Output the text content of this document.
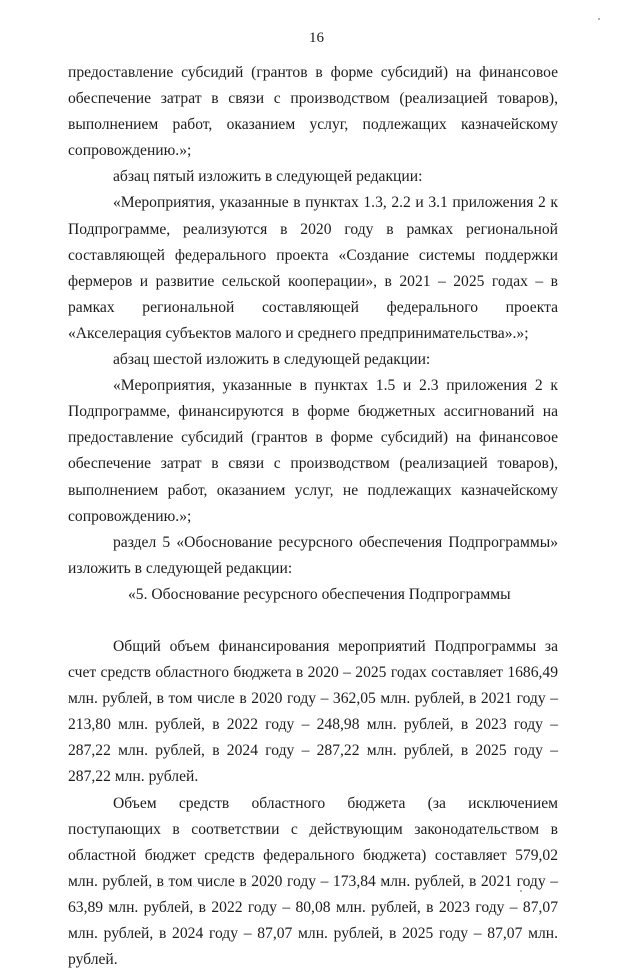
16

предоставление субсидий (грантов в форме субсидий) на финансовое обеспечение затрат в связи с производством (реализацией товаров), выполнением работ, оказанием услуг, подлежащих казначейскому сопровождению.»;

абзац пятый изложить в следующей редакции:

«Мероприятия, указанные в пунктах 1.3, 2.2 и 3.1 приложения 2 к Подпрограмме, реализуются в 2020 году в рамках региональной составляющей федерального проекта «Создание системы поддержки фермеров и развитие сельской кооперации», в 2021 – 2025 годах – в рамках региональной составляющей федерального проекта «Акселерация субъектов малого и среднего предпринимательства».»;

абзац шестой изложить в следующей редакции:

«Мероприятия, указанные в пунктах 1.5 и 2.3 приложения 2 к Подпрограмме, финансируются в форме бюджетных ассигнований на предоставление субсидий (грантов в форме субсидий) на финансовое обеспечение затрат в связи с производством (реализацией товаров), выполнением работ, оказанием услуг, не подлежащих казначейскому сопровождению.»;

раздел 5 «Обоснование ресурсного обеспечения Подпрограммы» изложить в следующей редакции:

«5. Обоснование ресурсного обеспечения Подпрограммы

Общий объем финансирования мероприятий Подпрограммы за счет средств областного бюджета в 2020 – 2025 годах составляет 1686,49 млн. рублей, в том числе в 2020 году – 362,05 млн. рублей, в 2021 году – 213,80 млн. рублей, в 2022 году – 248,98 млн. рублей, в 2023 году – 287,22 млн. рублей, в 2024 году – 287,22 млн. рублей, в 2025 году – 287,22 млн. рублей.

Объем средств областного бюджета (за исключением поступающих в соответствии с действующим законодательством в областной бюджет средств федерального бюджета) составляет 579,02 млн. рублей, в том числе в 2020 году – 173,84 млн. рублей, в 2021 году – 63,89 млн. рублей, в 2022 году – 80,08 млн. рублей, в 2023 году – 87,07 млн. рублей, в 2024 году – 87,07 млн. рублей, в 2025 году – 87,07 млн. рублей.
